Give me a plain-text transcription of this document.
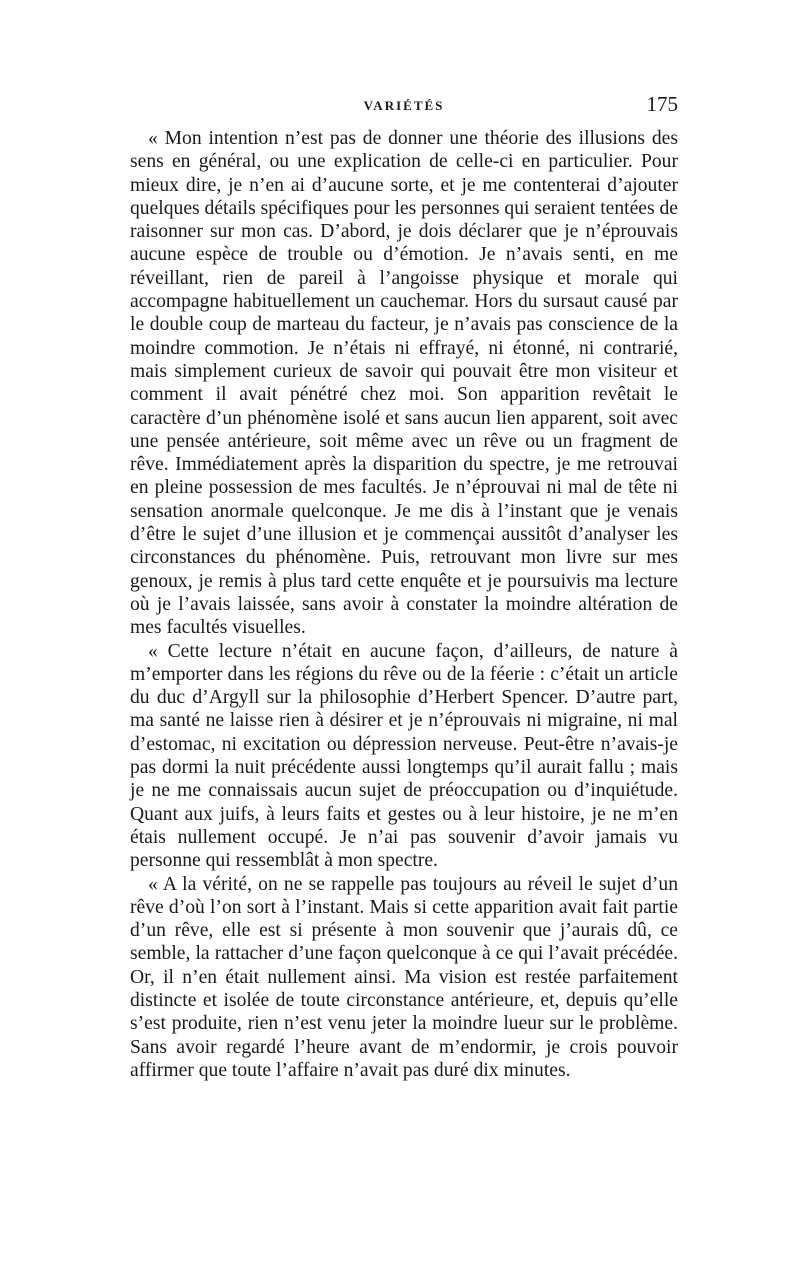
VARIÉTÉS	175

« Mon intention n’est pas de donner une théorie des illusions des sens en général, ou une explication de celle-ci en particulier. Pour mieux dire, je n’en ai d’aucune sorte, et je me contenterai d’ajouter quelques détails spécifiques pour les personnes qui seraient tentées de raisonner sur mon cas. D’abord, je dois déclarer que je n’éprouvais aucune espèce de trouble ou d’émotion. Je n’avais senti, en me réveillant, rien de pareil à l’angoisse physique et morale qui accompagne habituellement un cauchemar. Hors du sursaut causé par le double coup de marteau du facteur, je n’avais pas conscience de la moindre commotion. Je n’étais ni effrayé, ni étonné, ni contrarié, mais simplement curieux de savoir qui pouvait être mon visiteur et comment il avait pénétré chez moi. Son apparition revêtait le caractère d’un phénomène isolé et sans aucun lien apparent, soit avec une pensée antérieure, soit même avec un rêve ou un fragment de rêve. Immédiatement après la disparition du spectre, je me retrouvai en pleine possession de mes facultés. Je n’éprouvai ni mal de tête ni sensation anormale quelconque. Je me dis à l’instant que je venais d’être le sujet d’une illusion et je commençai aussitôt d’analyser les circonstances du phénomène. Puis, retrouvant mon livre sur mes genoux, je remis à plus tard cette enquête et je poursuivis ma lecture où je l’avais laissée, sans avoir à constater la moindre altération de mes facultés visuelles.

« Cette lecture n’était en aucune façon, d’ailleurs, de nature à m’emporter dans les régions du rêve ou de la féerie : c’était un article du duc d’Argyll sur la philosophie d’Herbert Spencer. D’autre part, ma santé ne laisse rien à désirer et je n’éprouvais ni migraine, ni mal d’estomac, ni excitation ou dépression nerveuse. Peut-être n’avais-je pas dormi la nuit précédente aussi longtemps qu’il aurait fallu ; mais je ne me connaissais aucun sujet de préoccupation ou d’inquiétude. Quant aux juifs, à leurs faits et gestes ou à leur histoire, je ne m’en étais nullement occupé. Je n’ai pas souvenir d’avoir jamais vu personne qui ressemblât à mon spectre.

« A la vérité, on ne se rappelle pas toujours au réveil le sujet d’un rêve d’où l’on sort à l’instant. Mais si cette apparition avait fait partie d’un rêve, elle est si présente à mon souvenir que j’aurais dû, ce semble, la rattacher d’une façon quelconque à ce qui l’avait précédée. Or, il n’en était nullement ainsi. Ma vision est restée parfaitement distincte et isolée de toute circonstance antérieure, et, depuis qu’elle s’est produite, rien n’est venu jeter la moindre lueur sur le problème. Sans avoir regardé l’heure avant de m’endormir, je crois pouvoir affirmer que toute l’affaire n’avait pas duré dix minutes.
